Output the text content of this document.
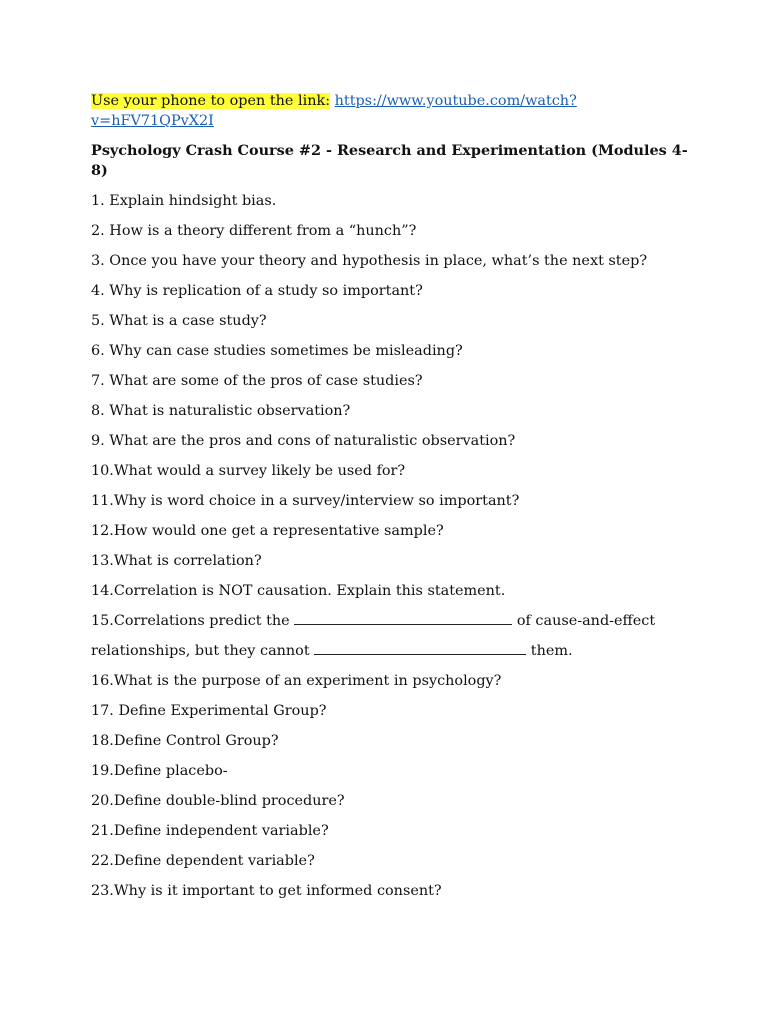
Use your phone to open the link: https://www.youtube.com/watch?v=hFV71QPvX2I

Psychology Crash Course #2 - Research and Experimentation (Modules 4-8)

1. Explain hindsight bias.
2. How is a theory different from a “hunch”?
3. Once you have your theory and hypothesis in place, what’s the next step?
4. Why is replication of a study so important?
5. What is a case study?
6. Why can case studies sometimes be misleading?
7. What are some of the pros of case studies?
8. What is naturalistic observation?
9. What are the pros and cons of naturalistic observation?
10.What would a survey likely be used for?
11.Why is word choice in a survey/interview so important?
12.How would one get a representative sample?
13.What is correlation?
14.Correlation is NOT causation. Explain this statement.
15.Correlations predict the	of cause-and-effect
relationships, but they cannot	them.
16.What is the purpose of an experiment in psychology?
17. Define Experimental Group?
18.Define Control Group?
19.Define placebo-
20.Define double-blind procedure?
21.Define independent variable?
22.Define dependent variable?
23.Why is it important to get informed consent?
